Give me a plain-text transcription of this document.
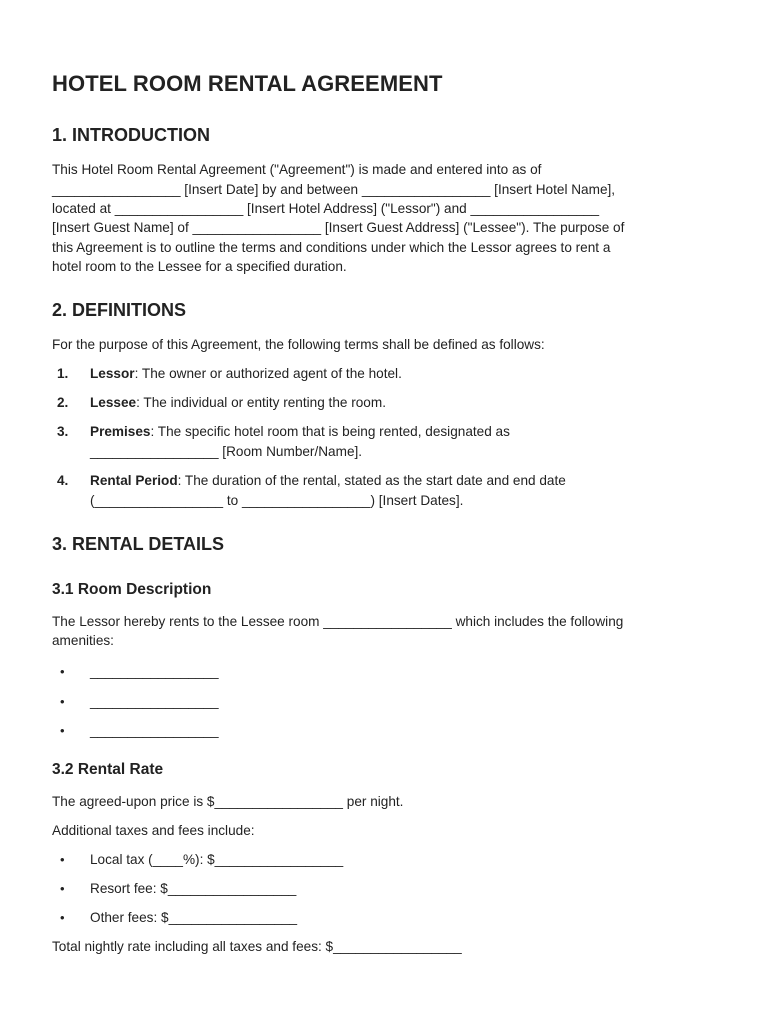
HOTEL ROOM RENTAL AGREEMENT
1. INTRODUCTION
This Hotel Room Rental Agreement ("Agreement") is made and entered into as of
_________________ [Insert Date] by and between _________________ [Insert Hotel Name],
located at _________________ [Insert Hotel Address] ("Lessor") and _________________
[Insert Guest Name] of _________________ [Insert Guest Address] ("Lessee"). The purpose of
this Agreement is to outline the terms and conditions under which the Lessor agrees to rent a
hotel room to the Lessee for a specified duration.
2. DEFINITIONS
For the purpose of this Agreement, the following terms shall be defined as follows:
1. Lessor: The owner or authorized agent of the hotel.
2. Lessee: The individual or entity renting the room.
3. Premises: The specific hotel room that is being rented, designated as
_________________ [Room Number/Name].
4. Rental Period: The duration of the rental, stated as the start date and end date
(_________________ to _________________) [Insert Dates].
3. RENTAL DETAILS
3.1 Room Description
The Lessor hereby rents to the Lessee room _________________ which includes the following
amenities:
• _________________
• _________________
• _________________
3.2 Rental Rate
The agreed-upon price is $_________________ per night.
Additional taxes and fees include:
• Local tax (____%): $_________________
• Resort fee: $_________________
• Other fees: $_________________
Total nightly rate including all taxes and fees: $_________________
